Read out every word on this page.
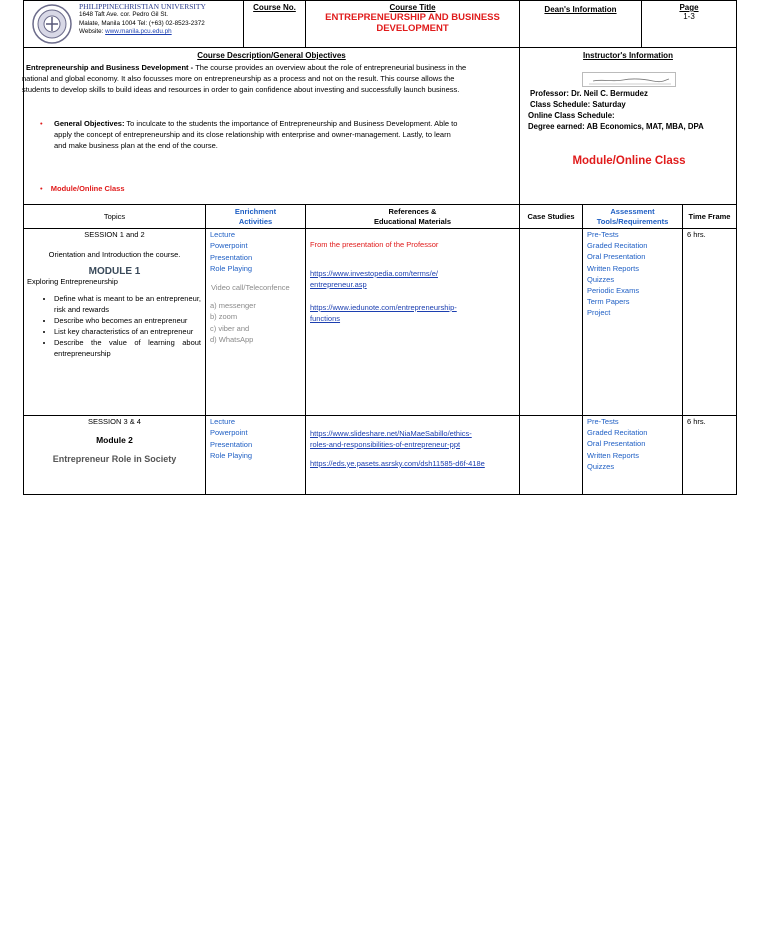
PHILIPPINECHRISTIAN UNIVERSITY
1648 Taft Ave. cor. Pedro Gil St.
Malate, Manila 1004 Tel: (+63) 02-8523-2372
Website: www.manila.pcu.edu.ph
Course No.	Course Title
ENTREPRENEURSHIP AND BUSINESS
DEVELOPMENT
Dean's Information	Page
1-3
Course Description/General Objectives
Entrepreneurship and Business Development - The course provides an overview about the role of entrepreneurial business in the
national and global economy. It also focusses more on entrepreneurship as a process and not on the result. This course allows the
students to develop skills to build ideas and resources in order to gain confidence about investing and successfully launch business.
• General Objectives: To inculcate to the students the importance of Entrepreneurship and Business Development. Able to
apply the concept of entrepreneurship and its close relationship with enterprise and owner-management. Lastly, to learn
and make business plan at the end of the course.
• Module/Online Class
Instructor's Information
Professor: Dr. Neil C. Bermudez
Class Schedule: Saturday
Online Class Schedule:
Degree earned: AB Economics, MAT, MBA, DPA
Module/Online Class
Topics
Enrichment
Activities
References &
Educational Materials
Case Studies
Assessment
Tools/Requirements
Time Frame
SESSION 1 and 2
Orientation and Introduction the course.
MODULE 1
Exploring Entrepreneurship
• Define what is meant to be an entrepreneur, risk and rewards
• Describe who becomes an entrepreneur
• List key characteristics of an entrepreneur
• Describe the value of learning about entrepreneurship
Lecture
Powerpoint
Presentation
Role Playing
Video call/Teleconfence
a) messenger
b) zoom
c) viber and
d) WhatsApp
From the presentation of the Professor
https://www.investopedia.com/terms/e/
entrepreneur.asp
https://www.iedunote.com/entrepreneurship-
functions
Pre-Tests
Graded Recitation
Oral Presentation
Written Reports
Quizzes
Periodic Exams
Term Papers
Project
6 hrs.
SESSION 3 & 4
Module 2
Entrepreneur Role in Society
Lecture
Powerpoint
Presentation
Role Playing
https://www.slideshare.net/NiaMaeSabillo/ethics-
roles-and-responsibilities-of-entrepreneur-ppt
https://eds.ye.pasets.asrsky.com/dsh11585-d6f-418e
Pre-Tests
Graded Recitation
Oral Presentation
Written Reports
Quizzes
6 hrs.
